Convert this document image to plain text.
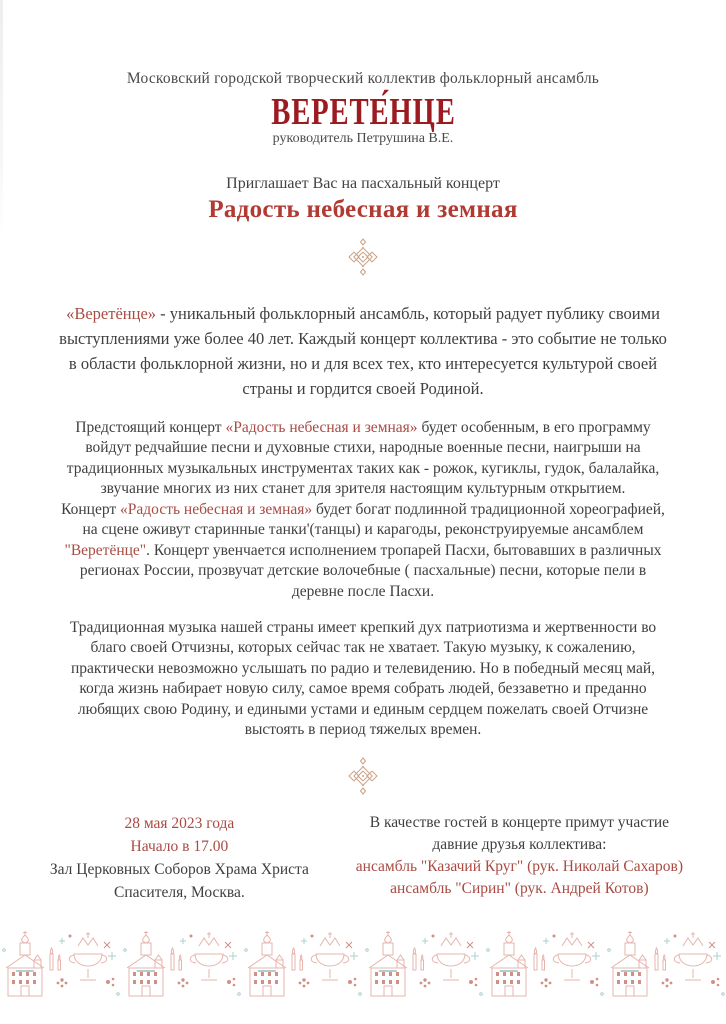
Московский городской творческий коллектив фольклорный ансамбль
ВЕРЕТЕ́НЦЕ
руководитель Петрушина В.Е.
Приглашает Вас на пасхальный концерт
Радость небесная и земная

«Веретёнце» - уникальный фольклорный ансамбль, который радует публику своими выступлениями уже более 40 лет. Каждый концерт коллектива - это событие не только в области фольклорной жизни, но и для всех тех, кто интересуется культурой своей страны и гордится своей Родиной.

Предстоящий концерт «Радость небесная и земная» будет особенным, в его программу войдут редчайшие песни и духовные стихи, народные военные песни, наигрыши на традиционных музыкальных инструментах таких как - рожок, кугиклы, гудок, балалайка, звучание многих из них станет для зрителя настоящим культурным открытием.
Концерт «Радость небесная и земная» будет богат подлинной традиционной хореографией, на сцене оживут старинные танки'(танцы) и карагоды, реконструируемые ансамблем "Веретёнце". Концерт увенчается исполнением тропарей Пасхи, бытовавших в различных регионах России, прозвучат детские волочебные ( пасхальные) песни, которые пели в деревне после Пасхи.

Традиционная музыка нашей страны имеет крепкий дух патриотизма и жертвенности во благо своей Отчизны, которых сейчас так не хватает. Такую музыку, к сожалению, практически невозможно услышать по радио и телевидению. Но в победный месяц май, когда жизнь набирает новую силу, самое время собрать людей, беззаветно и преданно любящих свою Родину, и едиными устами и единым сердцем пожелать своей Отчизне выстоять в период тяжелых времен.

28 мая 2023 года
Начало в 17.00
Зал Церковных Соборов Храма Христа Спасителя, Москва.
В качестве гостей в концерте примут участие давние друзья коллектива:
ансамбль "Казачий Круг" (рук. Николай Сахаров)
ансамбль "Сирин" (рук. Андрей Котов)
